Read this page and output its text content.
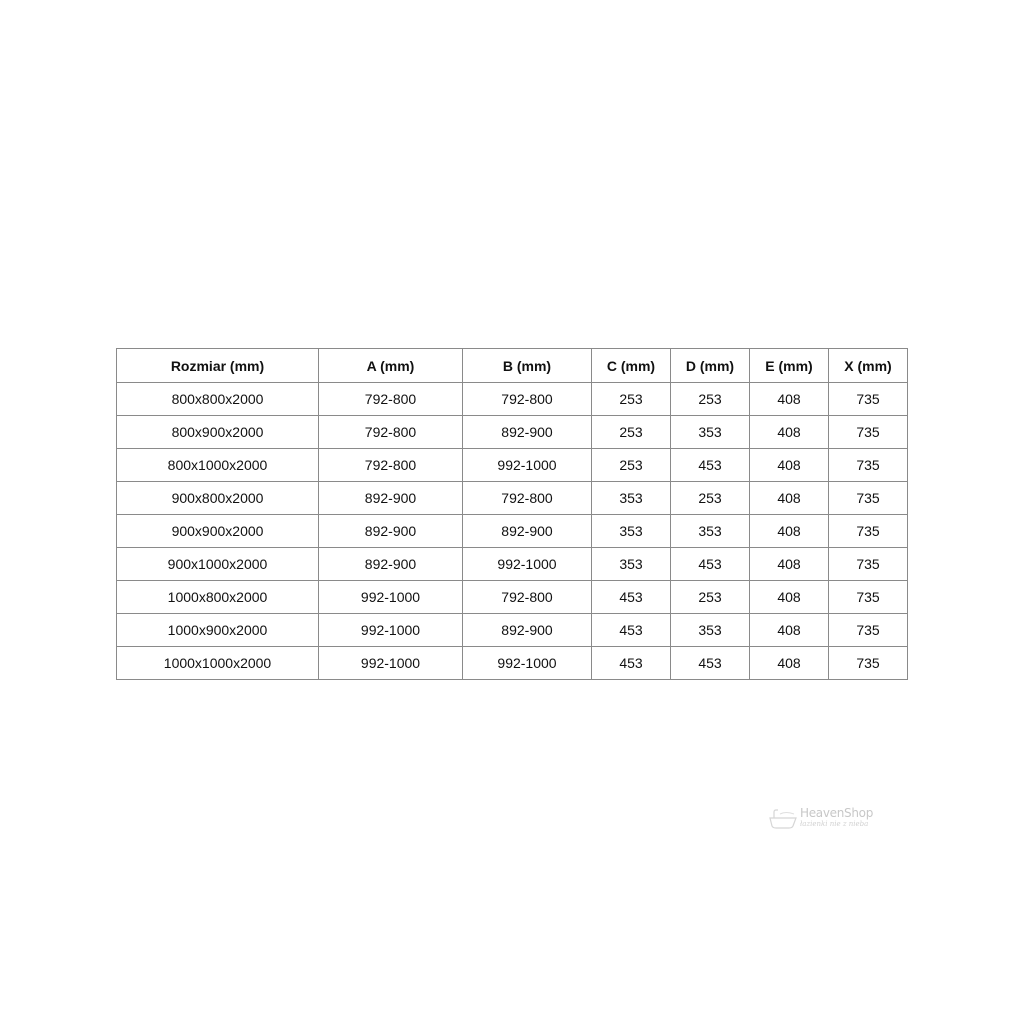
Rozmiar (mm)	A (mm)	B (mm)	C (mm)	D (mm)	E (mm)	X (mm)
800x800x2000	792-800	792-800	253	253	408	735
800x900x2000	792-800	892-900	253	353	408	735
800x1000x2000	792-800	992-1000	253	453	408	735
900x800x2000	892-900	792-800	353	253	408	735
900x900x2000	892-900	892-900	353	353	408	735
900x1000x2000	892-900	992-1000	353	453	408	735
1000x800x2000	992-1000	792-800	453	253	408	735
1000x900x2000	992-1000	892-900	453	353	408	735
1000x1000x2000	992-1000	992-1000	453	453	408	735
HeavenShop
łazienki nie z nieba
